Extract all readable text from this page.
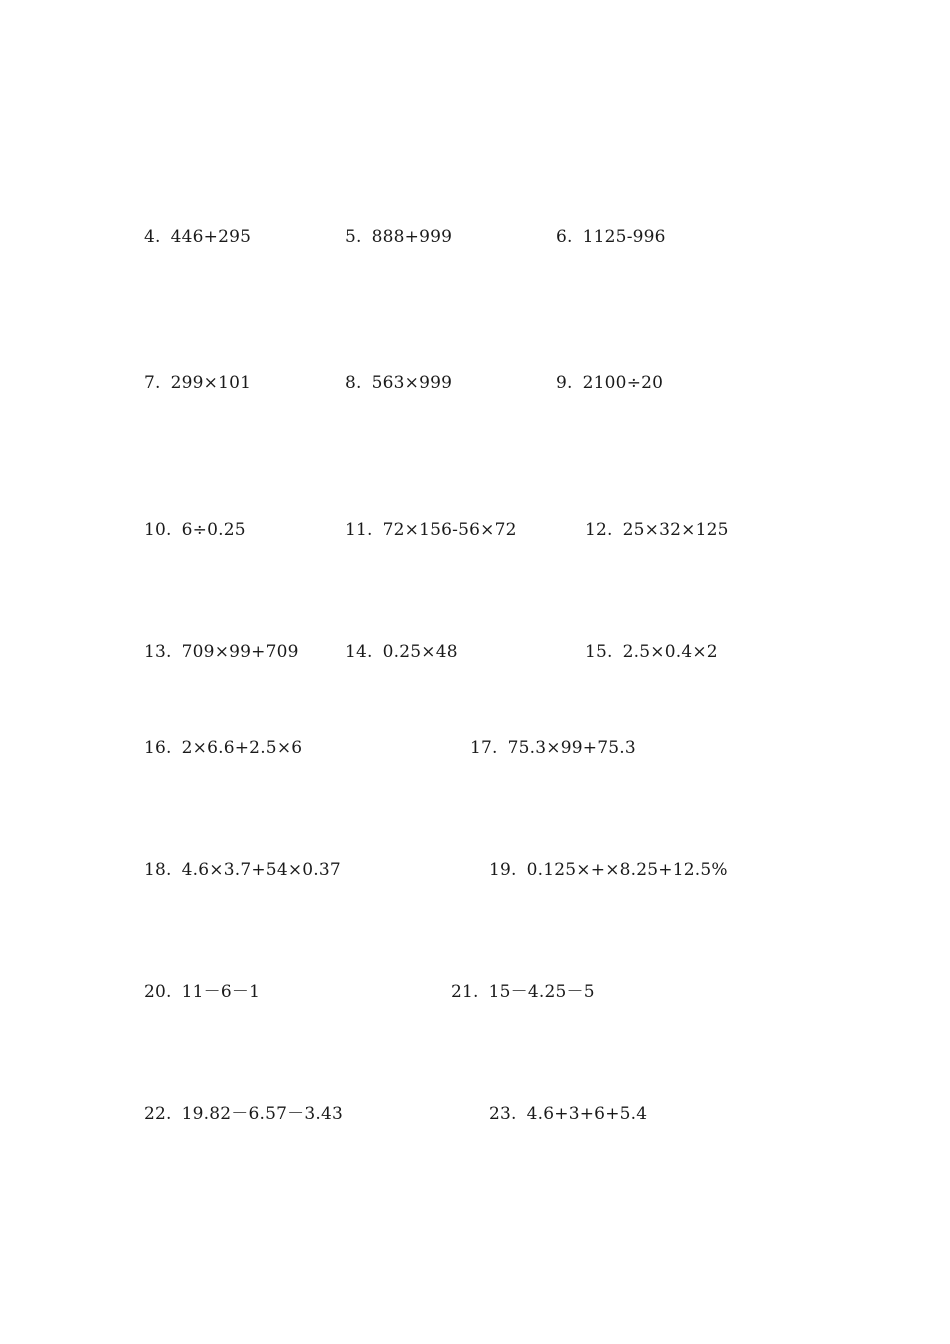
4. 446+295	5. 888+999	6. 1125-996
7. 299×101	8. 563×999	9. 2100÷20
10. 6÷0.25	11. 72×156-56×72	12. 25×32×125
13. 709×99+709	14. 0.25×48	15. 2.5×0.4×2
16. 2×6.6+2.5×6	17. 75.3×99+75.3
18. 4.6×3.7+54×0.37	19. 0.125×+×8.25+12.5%
20. 11－6－1	21. 15－4.25－5
22. 19.82－6.57－3.43	23. 4.6+3+6+5.4
